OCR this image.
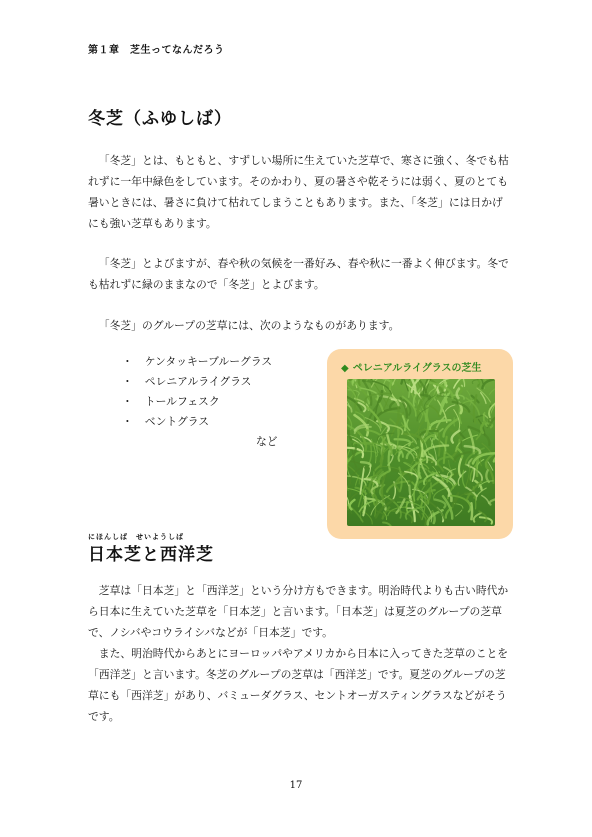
第１章　芝生ってなんだろう
冬芝（ふゆしば）

「冬芝」とは、もともと、すずしい場所に生えていた芝草で、寒さに強く、冬でも枯れずに一年中緑色をしています。そのかわり、夏の暑さや乾そうには弱く、夏のとても暑いときには、暑さに負けて枯れてしまうこともあります。また、「冬芝」には日かげにも強い芝草もあります。

「冬芝」とよびますが、春や秋の気候を一番好み、春や秋に一番よく伸びます。冬でも枯れずに緑のままなので「冬芝」とよびます。

「冬芝」のグループの芝草には、次のようなものがあります。

・ ケンタッキーブルーグラス
・ ペレニアルライグラス
・ トールフェスク
・ ベントグラス
など
◆ ペレニアルライグラスの芝生
にほんしば　せいようしば
日本芝と西洋芝

芝草は「日本芝」と「西洋芝」という分け方もできます。明治時代よりも古い時代から日本に生えていた芝草を「日本芝」と言います。「日本芝」は夏芝のグループの芝草で、ノシバやコウライシバなどが「日本芝」です。

また、明治時代からあとにヨーロッパやアメリカから日本に入ってきた芝草のことを「西洋芝」と言います。冬芝のグループの芝草は「西洋芝」です。夏芝のグループの芝草にも「西洋芝」があり、バミューダグラス、セントオーガスティングラスなどがそうです。

17
